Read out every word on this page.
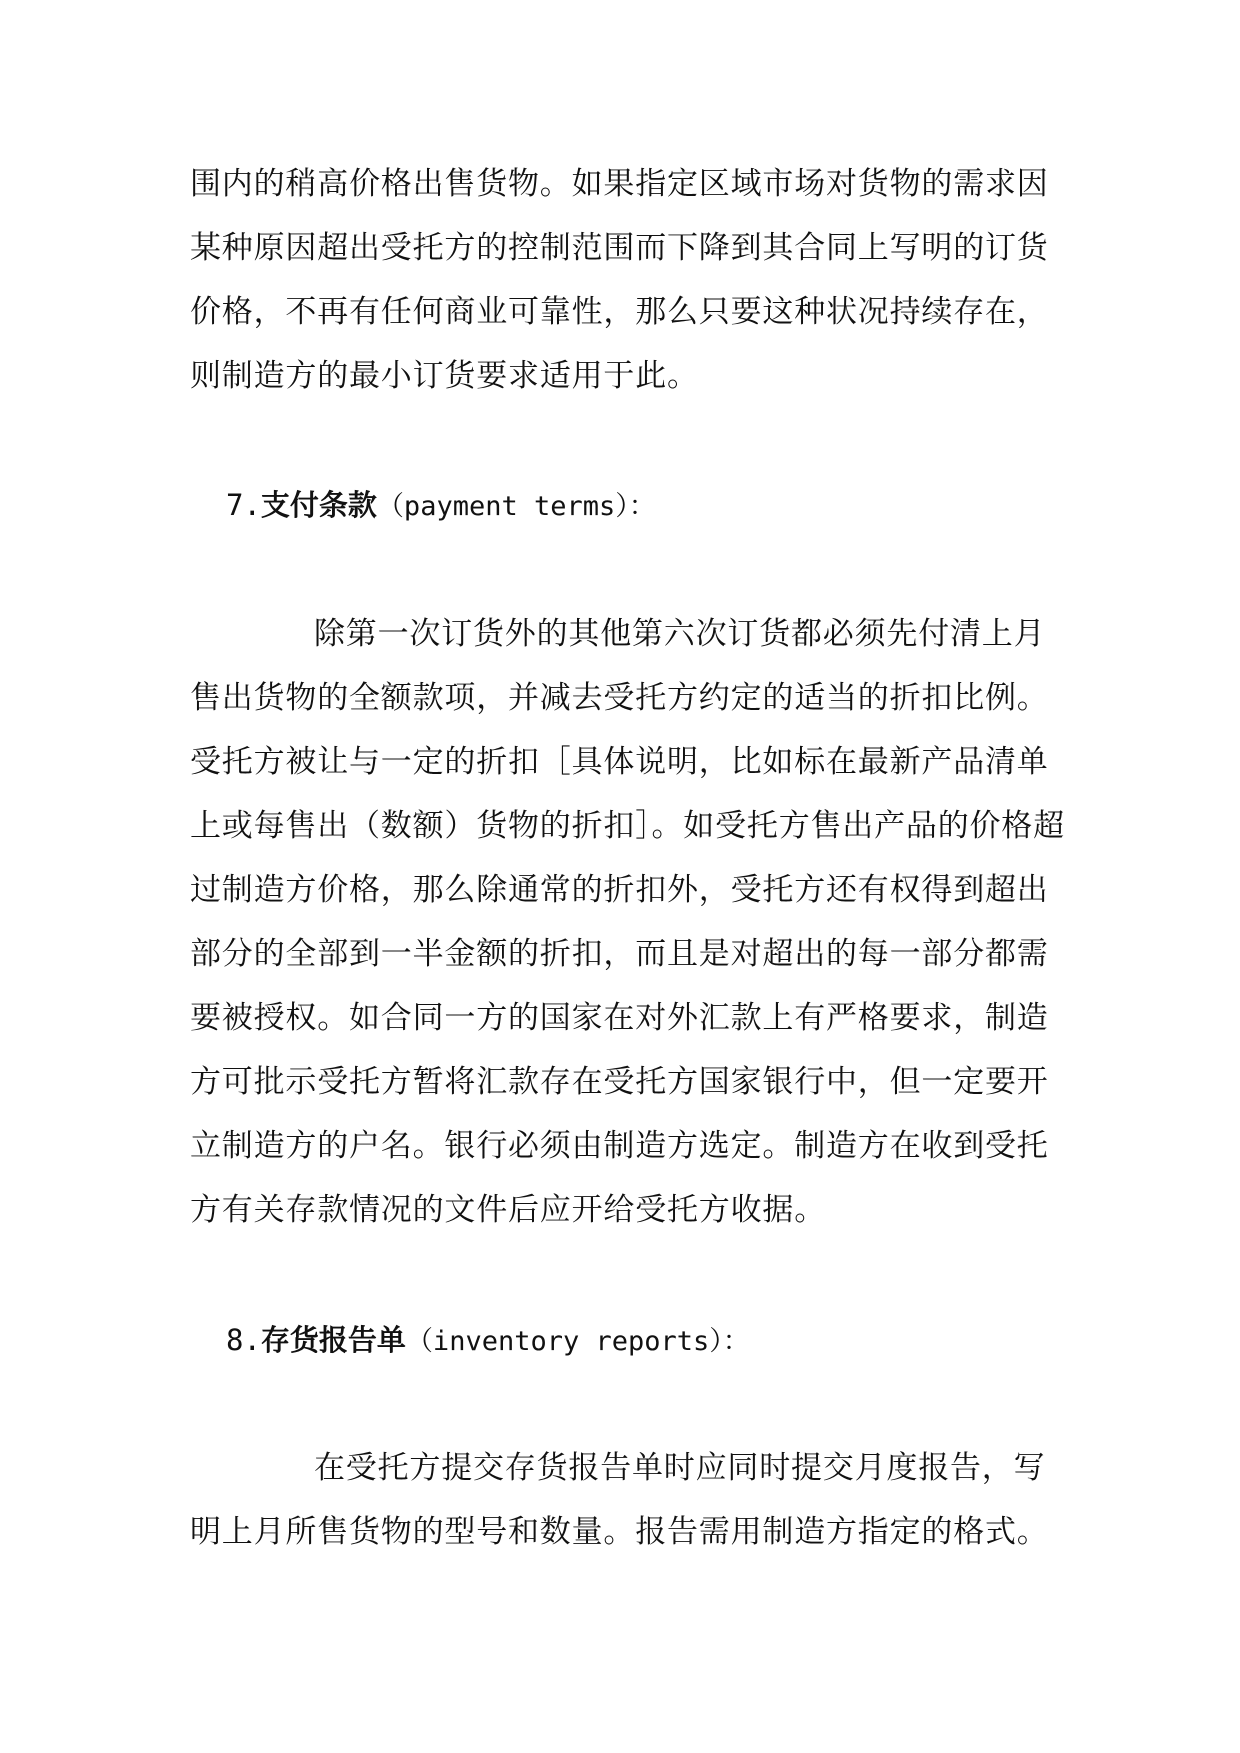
围内的稍高价格出售货物。如果指定区域市场对货物的需求因
某种原因超出受托方的控制范围而下降到其合同上写明的订货
价格，不再有任何商业可靠性，那么只要这种状况持续存在，
则制造方的最小订货要求适用于此。
7.支付条款（payment terms）：
除第一次订货外的其他第六次订货都必须先付清上月
售出货物的全额款项，并减去受托方约定的适当的折扣比例。
受托方被让与一定的折扣［具体说明，比如标在最新产品清单
上或每售出（数额）货物的折扣］。如受托方售出产品的价格超
过制造方价格，那么除通常的折扣外，受托方还有权得到超出
部分的全部到一半金额的折扣，而且是对超出的每一部分都需
要被授权。如合同一方的国家在对外汇款上有严格要求，制造
方可批示受托方暂将汇款存在受托方国家银行中，但一定要开
立制造方的户名。银行必须由制造方选定。制造方在收到受托
方有关存款情况的文件后应开给受托方收据。
8.存货报告单（inventory reports）：
在受托方提交存货报告单时应同时提交月度报告，写
明上月所售货物的型号和数量。报告需用制造方指定的格式。
